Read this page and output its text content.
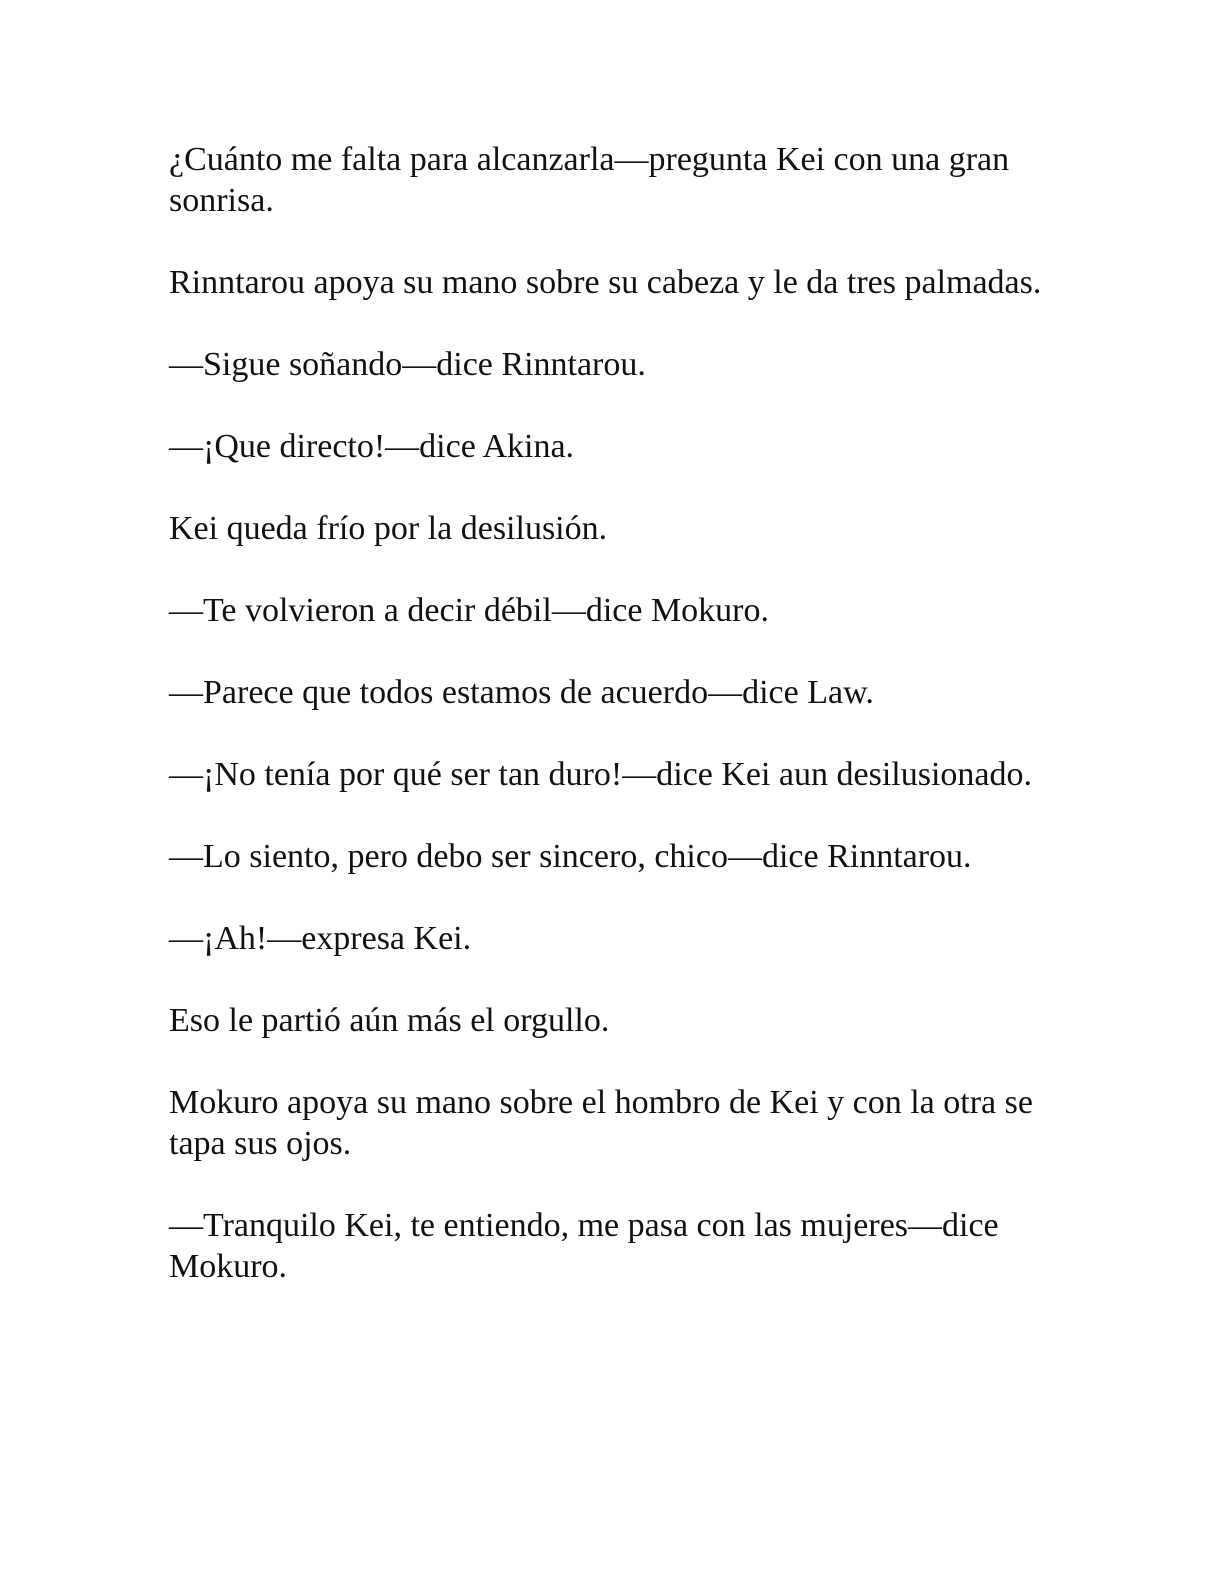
¿Cuánto me falta para alcanzarla—pregunta Kei con una gran sonrisa.

Rinntarou apoya su mano sobre su cabeza y le da tres palmadas.

—Sigue soñando—dice Rinntarou.

—¡Que directo!—dice Akina.

Kei queda frío por la desilusión.

—Te volvieron a decir débil—dice Mokuro.

—Parece que todos estamos de acuerdo—dice Law.

—¡No tenía por qué ser tan duro!—dice Kei aun desilusionado.

—Lo siento, pero debo ser sincero, chico—dice Rinntarou.

—¡Ah!—expresa Kei.

Eso le partió aún más el orgullo.

Mokuro apoya su mano sobre el hombro de Kei y con la otra se tapa sus ojos.

—Tranquilo Kei, te entiendo, me pasa con las mujeres—dice Mokuro.
